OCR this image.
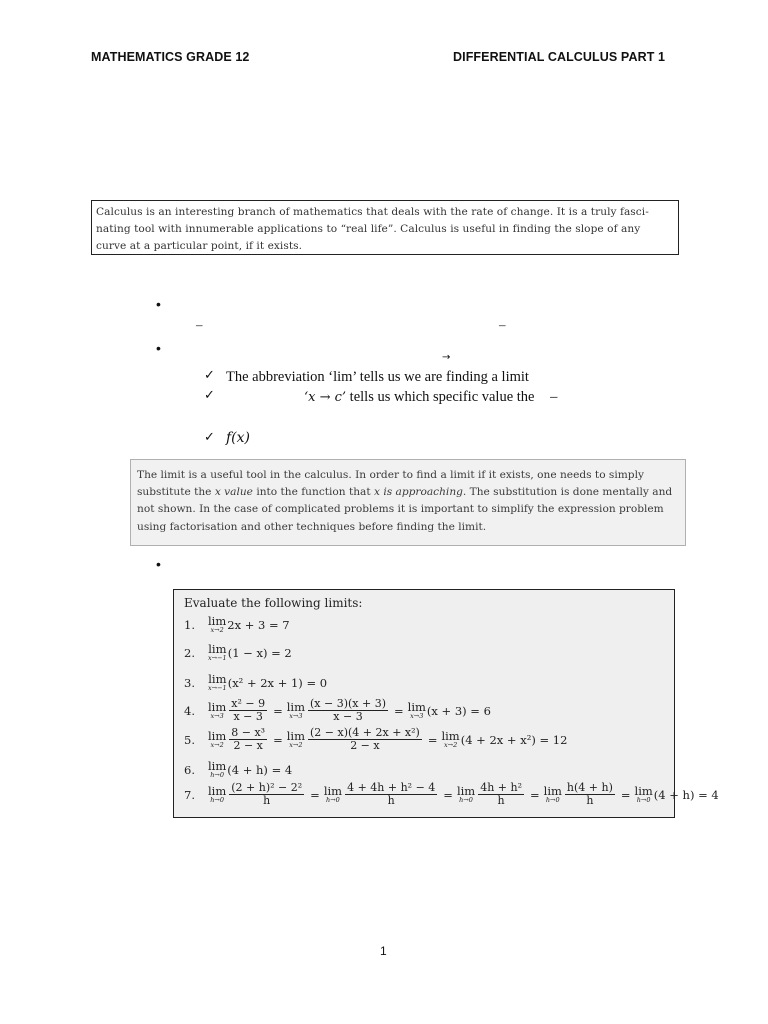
MATHEMATICS GRADE 12	DIFFERENTIAL CALCULUS PART 1
Calculus is an interesting branch of mathematics that deals with the rate of change. It is a truly fasci-
nating tool with innumerable applications to “real life”. Calculus is useful in finding the slope of any
curve at a particular point, if it exists.
•
–	–
•
→
✓ The abbreviation ‘lim’ tells us we are finding a limit
✓	‘x → c’ tells us which specific value the –
✓ f(x)
The limit is a useful tool in the calculus. In order to find a limit if it exists, one needs to simply
substitute the x value into the function that x is approaching. The substitution is done mentally and
not shown. In the case of complicated problems it is important to simplify the expression problem
using factorisation and other techniques before finding the limit.
•
Evaluate the following limits:
1.	lim
x→2 2x + 3 = 7
2.	lim
x→−1 (1 − x) = 2
3.	lim
x→−1 (x² + 2x + 1) = 0
4.	lim
$x\to 3 \frac{\text{x² − 9}}{x - 3} = \lim$
$x\to 3 \frac{(x - 3)(x + 3)}{x - 3} = \lim$
x→3 (x + 3) = 6
5.	lim
$x\to 2 \frac{\text{8 − x³}}{2 - x} = \lim$
$x\to 2 \frac{\text{(2 − x)(4 + 2x + x²)}}{2 - x} = \lim$
x→2 (4 + 2x + x²) = 12
6.	lim
h→0 (4 + h) = 4
7.	lim
$h\to 0 \frac{\text{(2 + h)² − 2²}}{h} = \lim$
$h\to 0 \frac{\text{4 + 4h + h² − 4}}{h} = \lim$
$h\to 0 \frac{\text{4h + h²}}{h} = \lim$
$h\to 0 \frac{h(4 + h)}{h} = \lim$
h→0 (4 + h) = 4
1
